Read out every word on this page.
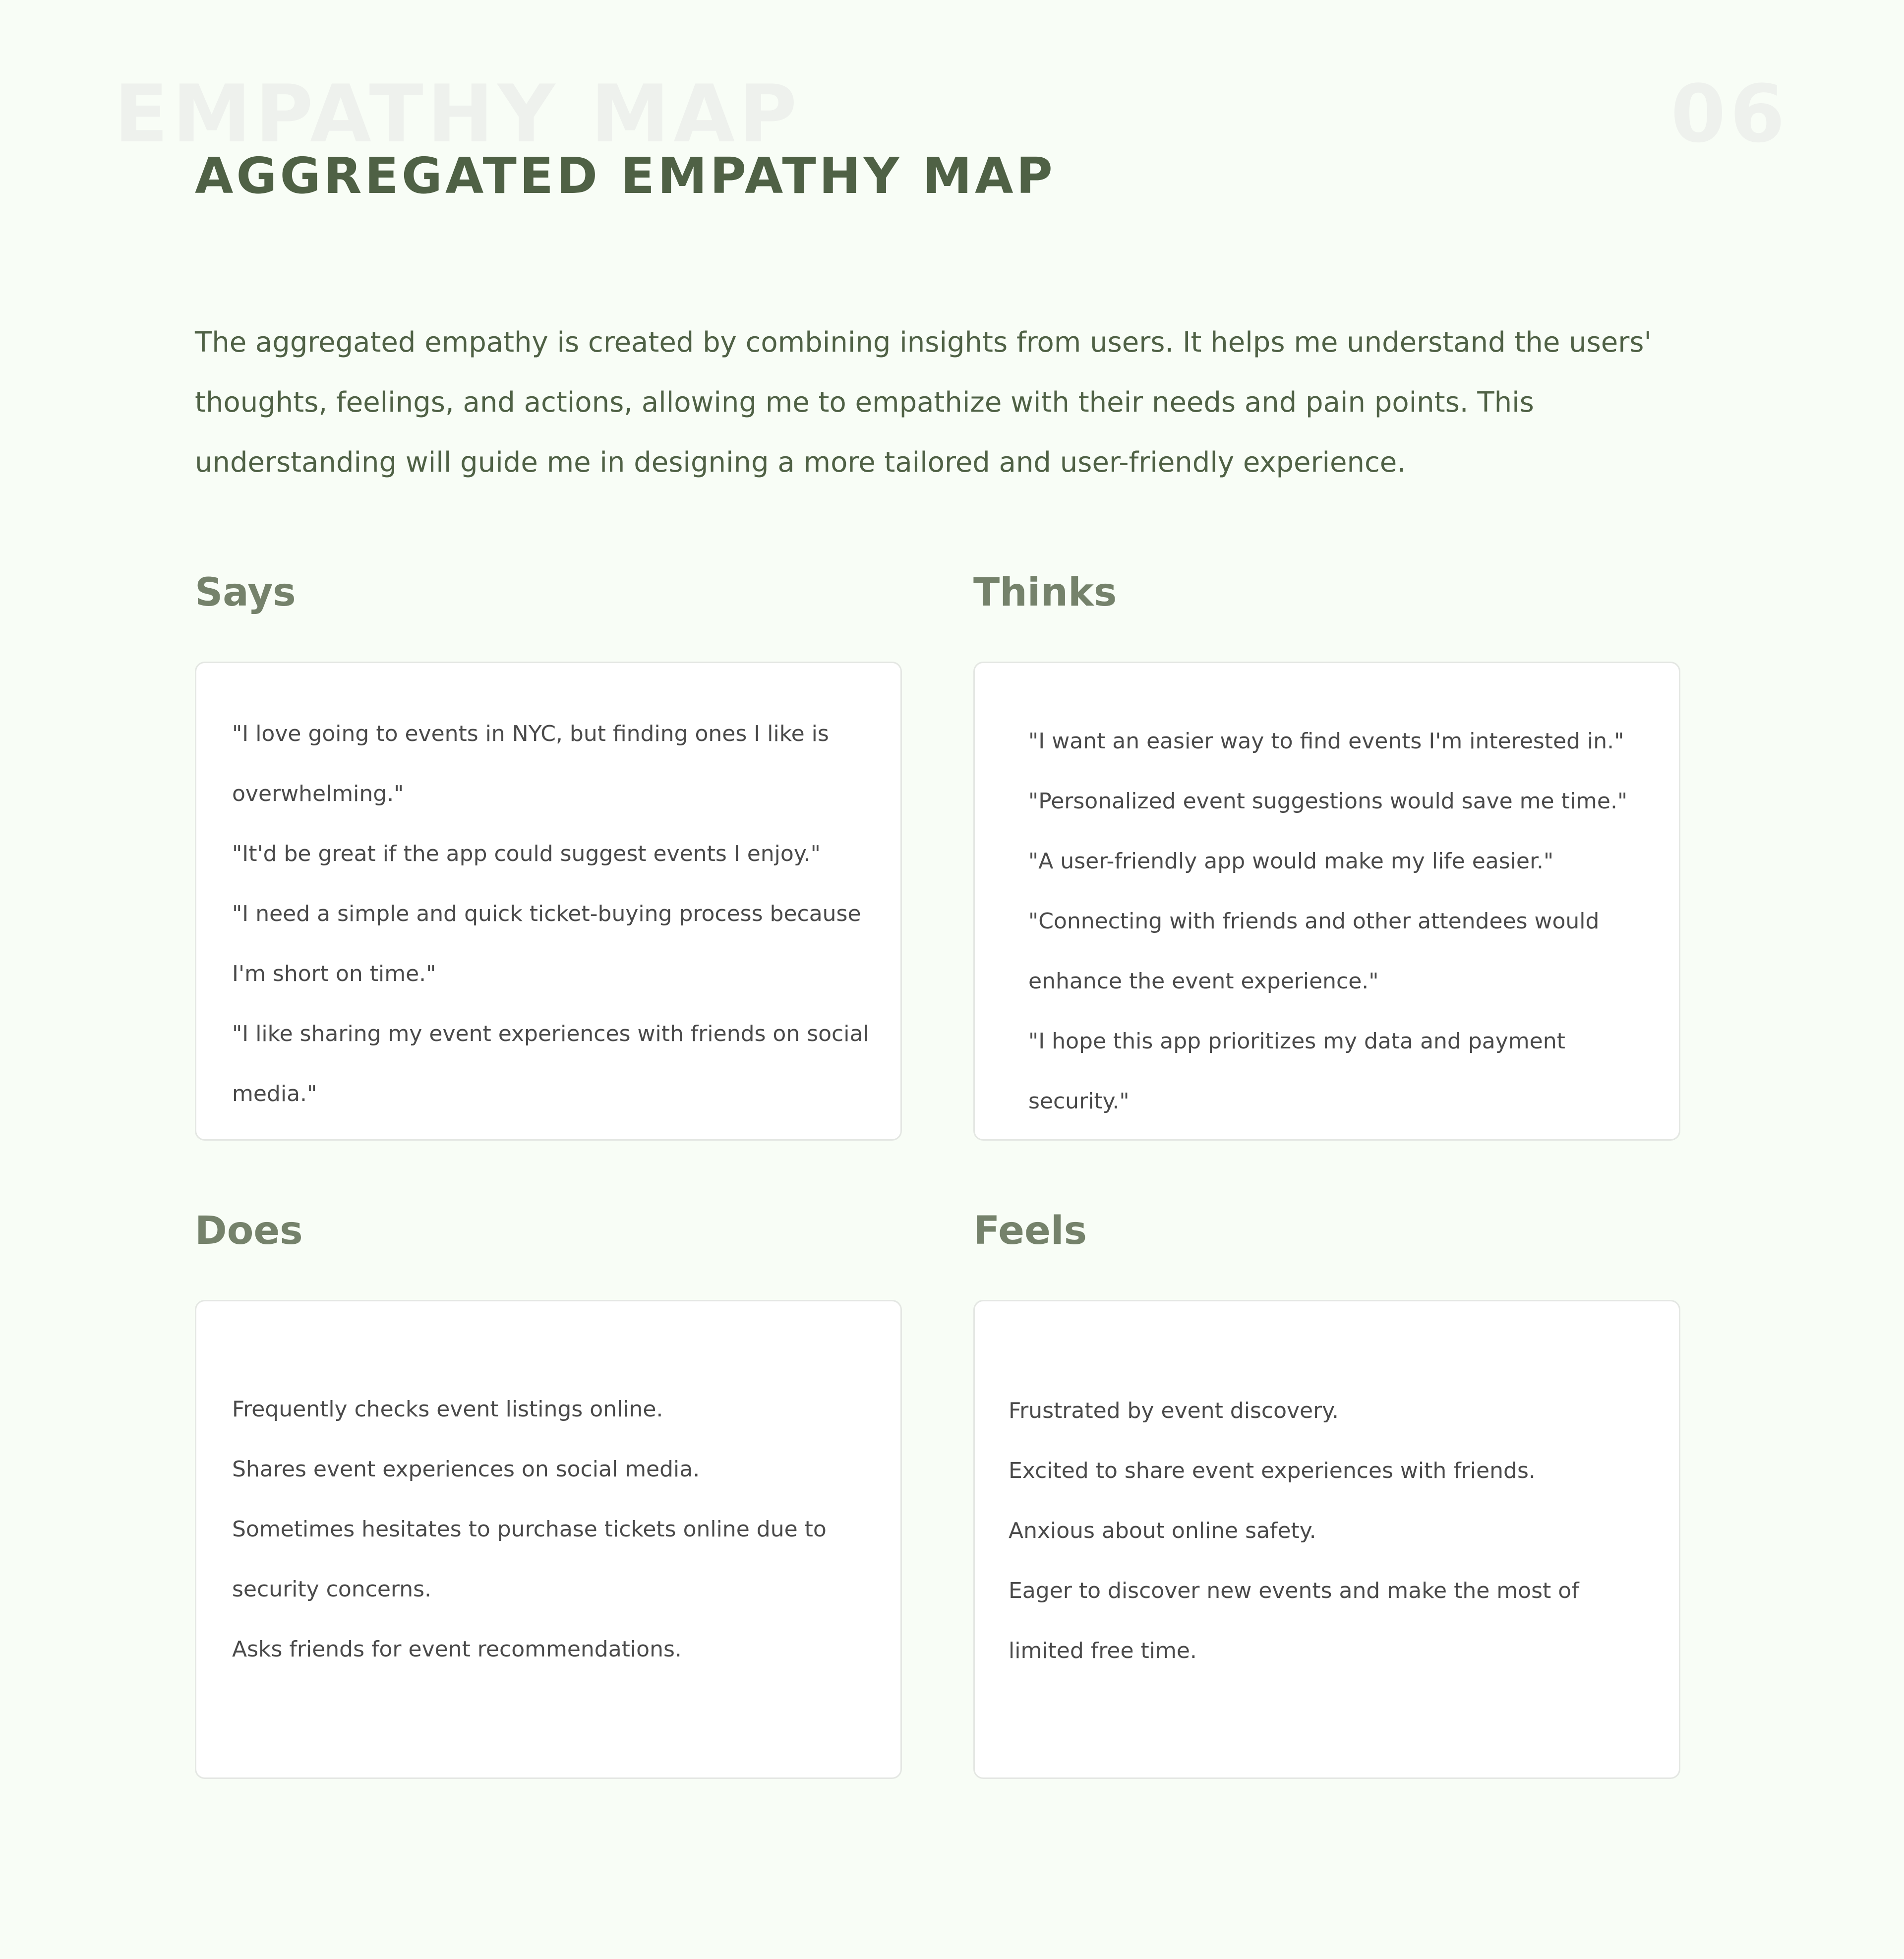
EMPATHY MAP	06
AGGREGATED EMPATHY MAP

The aggregated empathy is created by combining insights from users. It helps me understand the users' thoughts, feelings, and actions, allowing me to empathize with their needs and pain points. This understanding will guide me in designing a more tailored and user-friendly experience.

Says
"I love going to events in NYC, but finding ones I like is overwhelming."
"It'd be great if the app could suggest events I enjoy."
"I need a simple and quick ticket-buying process because I'm short on time."
"I like sharing my event experiences with friends on social media."
Thinks
"I want an easier way to find events I'm interested in."
"Personalized event suggestions would save me time."
"A user-friendly app would make my life easier."
"Connecting with friends and other attendees would enhance the event experience."
"I hope this app prioritizes my data and payment security."
Does
Frequently checks event listings online.
Shares event experiences on social media.
Sometimes hesitates to purchase tickets online due to security concerns.
Asks friends for event recommendations.
Feels
Frustrated by event discovery.
Excited to share event experiences with friends.
Anxious about online safety.
Eager to discover new events and make the most of limited free time.
